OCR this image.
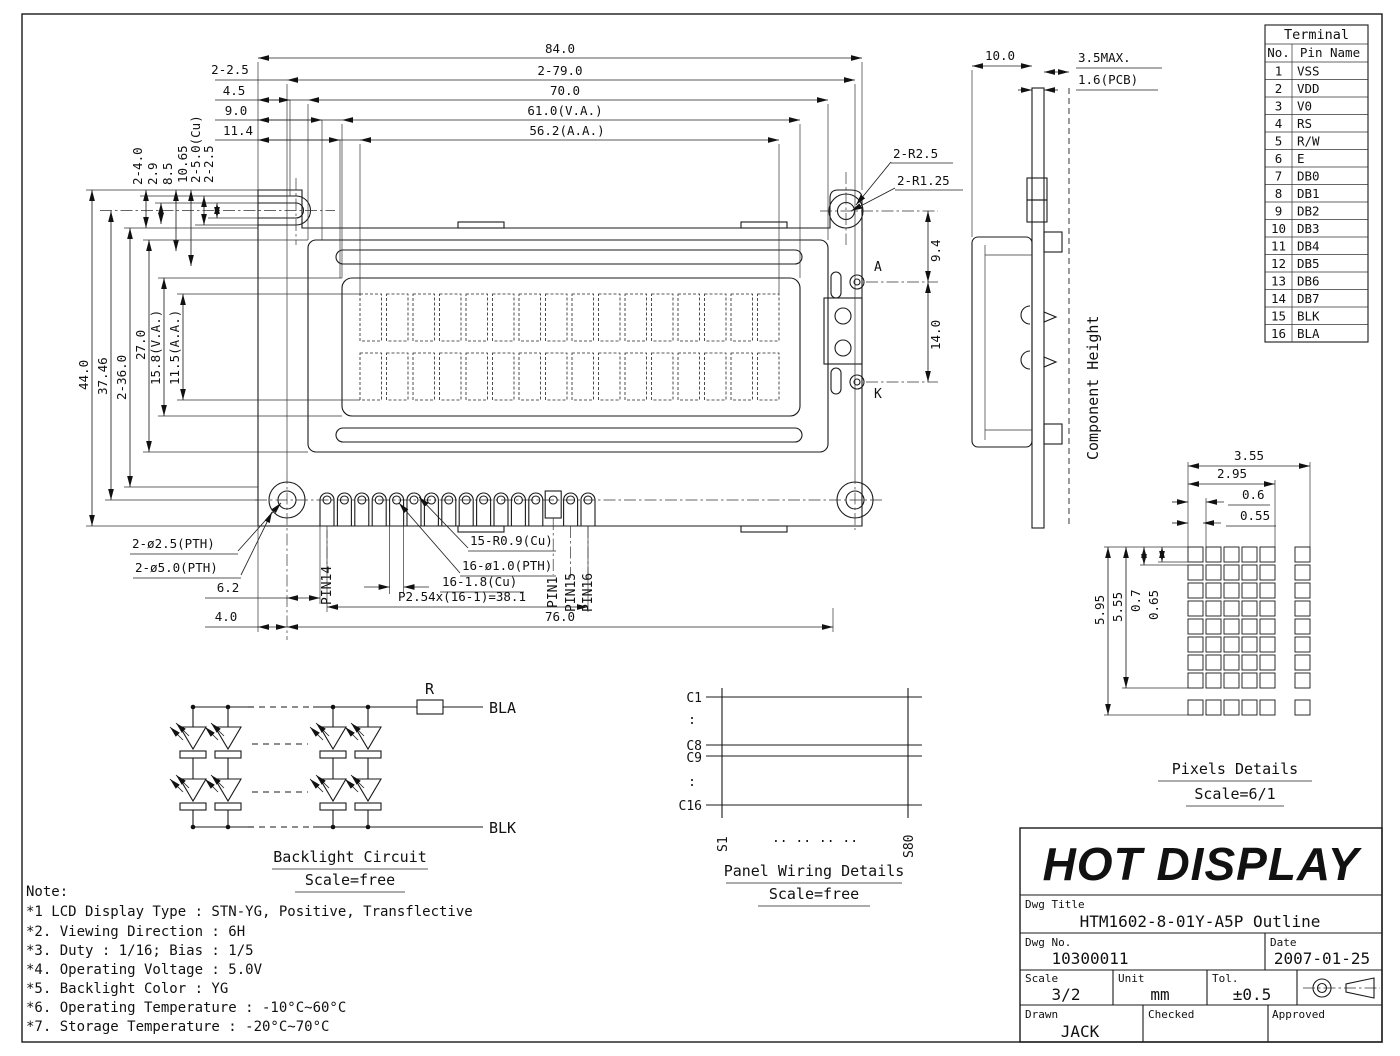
A
K
PIN14	PIN1 PIN15 PIN16
84.0
2-79.0
70.0
61.0(V.A.)
56.2(A.A.)
2-2.5
4.5
9.0
11.4
2-4.0 2.9 8.5 10.65
2-5.0(Cu)
2-2.5
44.0 37.46 2-36.0
27.0 15.8(V.A.) 11.5(A.A.)
2-R2.5
2-R1.25
9.4
14.0
2-ø2.5(PTH)
2-ø5.0(PTH)
15-R0.9(Cu)
16-ø1.0(PTH)
16-1.8(Cu)
6.2
4.0
P2.54x(16-1)=38.1
76.0
10.0	3.5MAX.
1.6(PCB)
Component Height
Terminal
No. Pin Name
1 VSS
2 VDD
3 V0
4 RS
5 R/W
6 E
7 DB0
8 DB1
9 DB2
10 DB3
11 DB4
12 DB5
13 DB6
14 DB7
15 BLK
16 BLA
3.55
2.95
0.6
0.55
5.95 5.55 0.7 0.65
Pixels Details
Scale=6/1
R
BLA
BLK
Backlight Circuit
Scale=free
C1
:
C8
C9
:
C16
S1	S80
.. .. .. ..
Panel Wiring Details
Scale=free
Note:
*1 LCD Display Type : STN-YG, Positive, Transflective
*2. Viewing Direction : 6H
*3. Duty : 1/16; Bias : 1/5
*4. Operating Voltage : 5.0V
*5. Backlight Color : YG
*6. Operating Temperature : -10°C~60°C
*7. Storage Temperature : -20°C~70°C
HOT DISPLAY
Dwg Title
HTM1602-8-01Y-A5P Outline
Dwg No.
10300011
Date
2007-01-25
Scale
3/2
Unit
mm
Tol.
±0.5
Drawn
JACK
Checked	Approved
